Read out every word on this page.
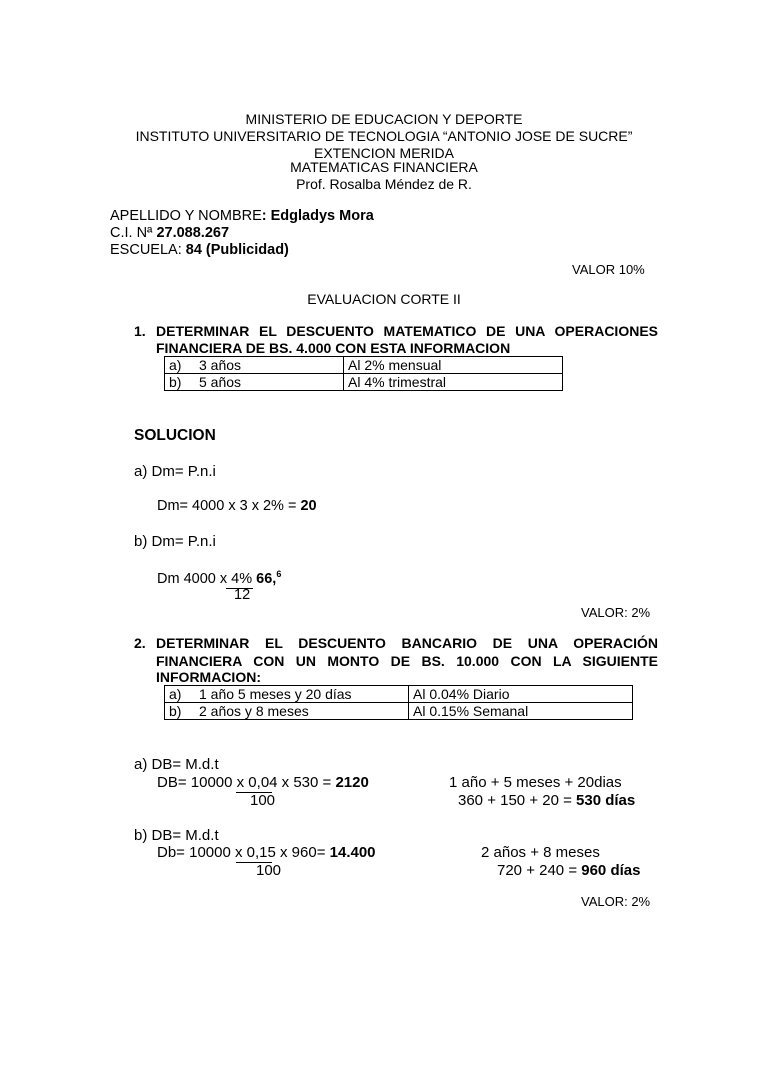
MINISTERIO DE EDUCACION Y DEPORTE
INSTITUTO UNIVERSITARIO DE TECNOLOGIA “ANTONIO JOSE DE SUCRE”
EXTENCION MERIDA
MATEMATICAS FINANCIERA
Prof. Rosalba Méndez de R.
APELLIDO Y NOMBRE: Edgladys Mora
C.I. Nª 27.088.267
ESCUELA: 84 (Publicidad)
VALOR 10%
EVALUACION CORTE II
1. DETERMINAR EL DESCUENTO MATEMATICO DE UNA OPERACIONES
FINANCIERA DE BS. 4.000 CON ESTA INFORMACION
a) 3 años	Al 2% mensual
b) 5 años	Al 4% trimestral
SOLUCION
a) Dm= P.n.i
Dm= 4000 x 3 x 2% = 20
b) Dm= P.n.i
Dm 4000 x 4% 66,$^6$
12
VALOR: 2%
2. DETERMINAR EL DESCUENTO BANCARIO DE UNA OPERACIÓN
FINANCIERA CON UN MONTO DE BS. 10.000 CON LA SIGUIENTE
INFORMACION:
a) 1 año 5 meses y 20 días	Al 0.04% Diario
b) 2 años y 8 meses	Al 0.15% Semanal
a) DB= M.d.t
DB= 10000 x 0,04 x 530 = 2120
100
1 año + 5 meses + 20dias
360 + 150 + 20 = 530 días
b) DB= M.d.t
Db= 10000 x 0,15 x 960= 14.400
100
2 años + 8 meses
720 + 240 = 960 días
VALOR: 2%
